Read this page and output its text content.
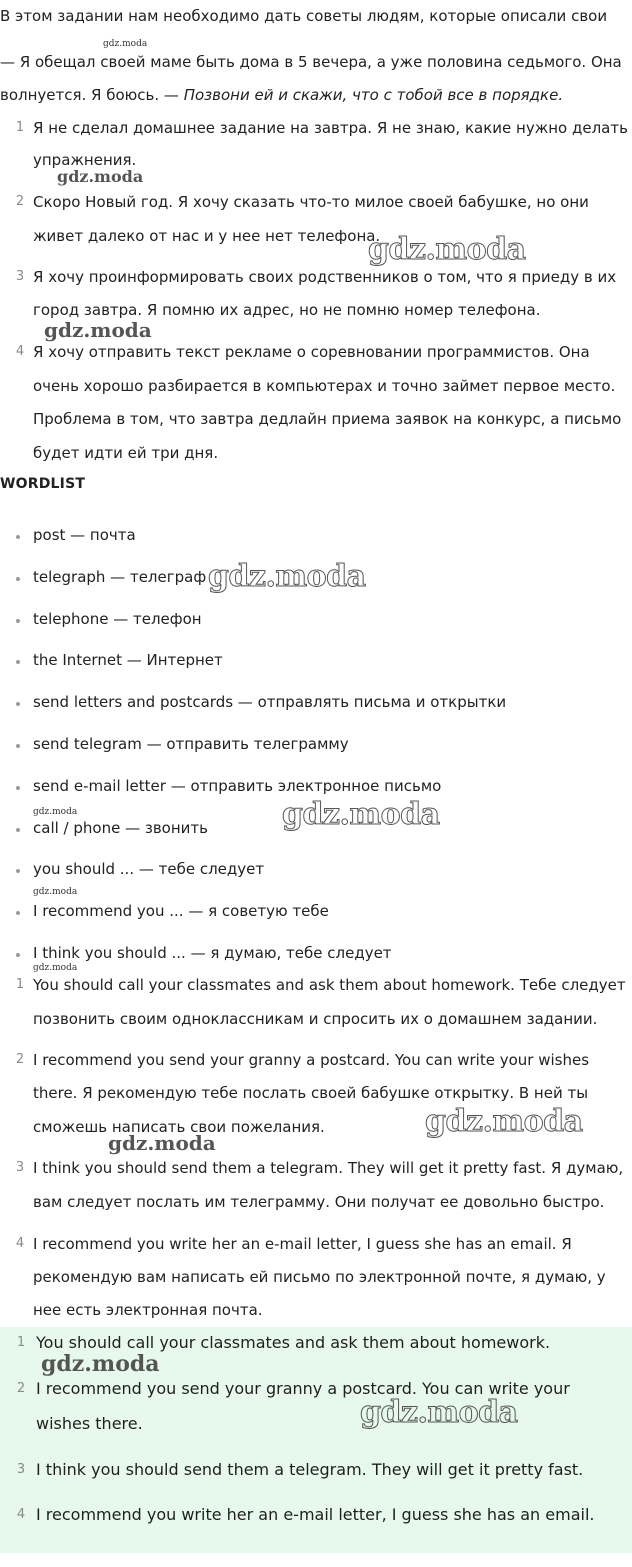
В этом задании нам необходимо дать советы людям, которые описали свои
— Я обещал своей маме быть дома в 5 вечера, а уже половина седьмого. Она
волнуется. Я боюсь. — Позвони ей и скажи, что с тобой все в порядке.
1 Я не сделал домашнее задание на завтра. Я не знаю, какие нужно делать
упражнения.
2 Скоро Новый год. Я хочу сказать что-то милое своей бабушке, но они
живет далеко от нас и у нее нет телефона.
3 Я хочу проинформировать своих родственников о том, что я приеду в их
город завтра. Я помню их адрес, но не помню номер телефона.
4 Я хочу отправить текст рекламе о соревновании программистов. Она
очень хорошо разбирается в компьютерах и точно займет первое место.
Проблема в том, что завтра дедлайн приема заявок на конкурс, а письмо
будет идти ей три дня.
WORDLIST
post — почта
telegraph — телеграф
telephone — телефон
the Internet — Интернет
send letters and postcards — отправлять письма и открытки
send telegram — отправить телеграмму
send e-mail letter — отправить электронное письмо
call / phone — звонить
you should ... — тебе следует
I recommend you ... — я советую тебе
I think you should ... — я думаю, тебе следует
1 You should call your classmates and ask them about homework. Тебе следует
позвонить своим одноклассникам и спросить их о домашнем задании.
2 I recommend you send your granny a postcard. You can write your wishes
there. Я рекомендую тебе послать своей бабушке открытку. В ней ты
сможешь написать свои пожелания.
3 I think you should send them a telegram. They will get it pretty fast. Я думаю,
вам следует послать им телеграмму. Они получат ее довольно быстро.
4 I recommend you write her an e-mail letter, I guess she has an email. Я
рекомендую вам написать ей письмо по электронной почте, я думаю, у
нее есть электронная почта.
1 You should call your classmates and ask them about homework.
2 I recommend you send your granny a postcard. You can write your
wishes there.
3 I think you should send them a telegram. They will get it pretty fast.
4 I recommend you write her an e-mail letter, I guess she has an email.
gdz.moda
gdz.moda
gdz.moda
gdz.moda
gdz.moda
gdz.moda	gdz.moda
gdz.moda
gdz.moda
gdz.moda
gdz.moda
gdz.moda
gdz.moda
